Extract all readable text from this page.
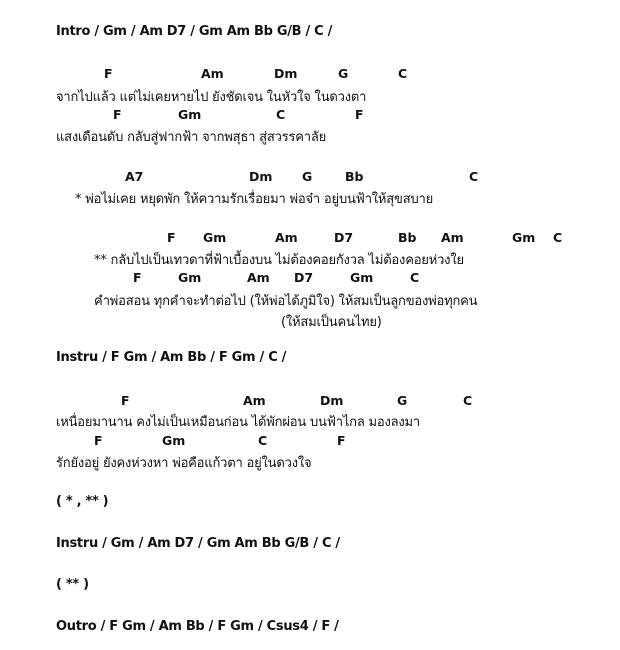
Intro / Gm / Am D7 / Gm Am Bb G/B / C /
F	Am	Dm	G	C
จากไปแล้ว แต่ไม่เคยหายไป ยังชัดเจน ในหัวใจ ในดวงตา
F	Gm	C	F
แสงเดือนดับ กลับสู่ฟากฟ้า จากพสุธา สู่สวรรคาลัย
A7	Dm G	Bb	C
* พ่อไม่เคย หยุดพัก ให้ความรักเรื่อยมา พ่อจ๋า อยู่บนฟ้าให้สุขสบาย
F Gm	Am	D7	Bb Am	Gm C
** กลับไปเป็นเทวดาที่ฟ้าเบื้องบน ไม่ต้องคอยกังวล ไม่ต้องคอยห่วงใย
F	Gm	Am D7	Gm	C
คำพ่อสอน ทุกคำจะทำต่อไป (ให้พ่อได้ภูมิใจ) ให้สมเป็นลูกของพ่อทุกคน
(ให้สมเป็นคนไทย)
Instru / F Gm / Am Bb / F Gm / C /
F	Am	Dm	G	C
เหนื่อยมานาน คงไม่เป็นเหมือนก่อน ได้พักผ่อน บนฟ้าไกล มองลงมา
F	Gm	C	F
รักยังอยู่ ยังคงห่วงหา พ่อคือแก้วตา อยู่ในดวงใจ
( * , ** )
Instru / Gm / Am D7 / Gm Am Bb G/B / C /
( ** )
Outro / F Gm / Am Bb / F Gm / Csus4 / F /
